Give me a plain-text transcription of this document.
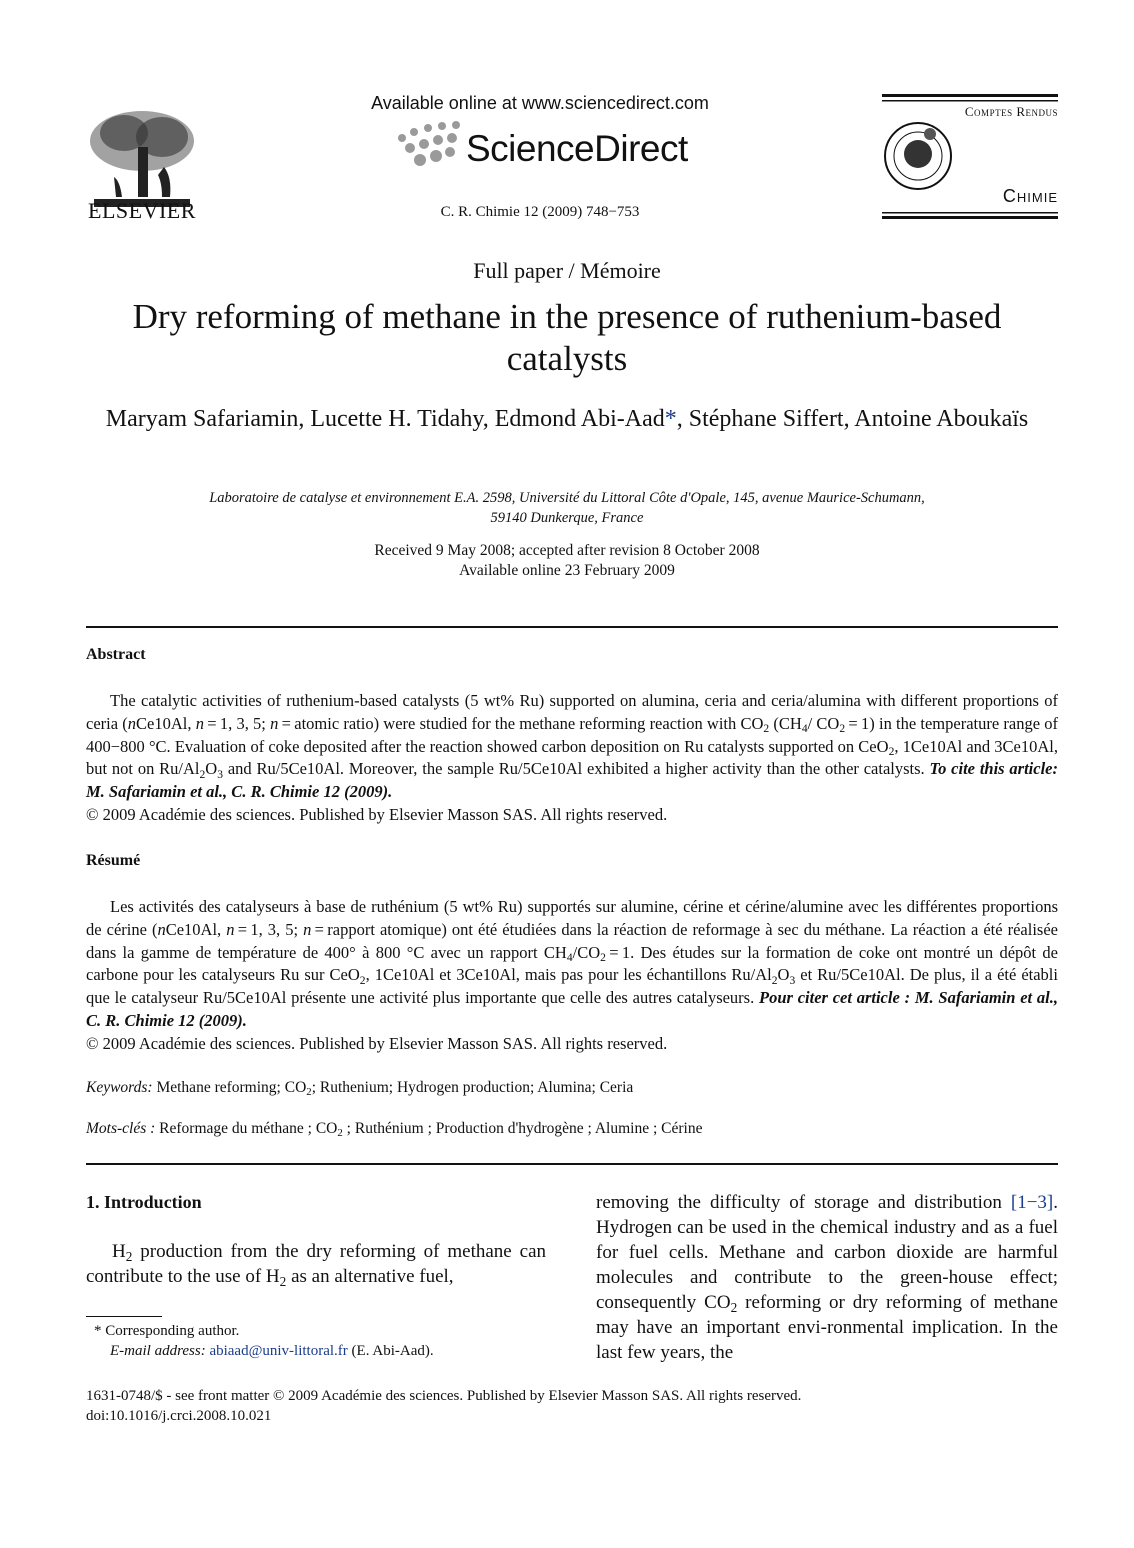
ELSEVIER
Available online at www.sciencedirect.com
ScienceDirect
C. R. Chimie 12 (2009) 748−753
Comptes Rendus
Chimie
Full paper / Mémoire
Dry reforming of methane in the presence of ruthenium-based catalysts
Maryam Safariamin, Lucette H. Tidahy, Edmond Abi-Aad*, Stéphane Siffert, Antoine Aboukaïs
Laboratoire de catalyse et environnement E.A. 2598, Université du Littoral Côte d'Opale, 145, avenue Maurice-Schumann,
59140 Dunkerque, France
Received 9 May 2008; accepted after revision 8 October 2008
Available online 23 February 2009
Abstract

The catalytic activities of ruthenium-based catalysts (5 wt% Ru) supported on alumina, ceria and ceria/alumina with different proportions of ceria (nCe10Al, n = 1, 3, 5; n = atomic ratio) were studied for the methane reforming reaction with $CO_2$ ($CH_4/$ $CO_2 = 1$) in the temperature range of 400−800 °C. Evaluation of coke deposited after the reaction showed carbon deposition on Ru catalysts supported on CeO$_2$, 1Ce10Al and 3Ce10Al, but not on $Ru/Al_2O_3$ and Ru/5Ce10Al. Moreover, the sample Ru/5Ce10Al exhibited a higher activity than the other catalysts. To cite this article: M. Safariamin et al., C. R. Chimie 12 (2009).

© 2009 Académie des sciences. Published by Elsevier Masson SAS. All rights reserved.
Résumé

Les activités des catalyseurs à base de ruthénium (5 wt% Ru) supportés sur alumine, cérine et cérine/alumine avec les différentes proportions de cérine (nCe10Al, n = 1, 3, 5; n = rapport atomique) ont été étudiées dans la réaction de reformage à sec du méthane. La réaction a été réalisée dans la gamme de température de 400° à 800 °C avec un rapport $CH_4/CO_2 = 1$. Des études sur la formation de coke ont montré un dépôt de carbone pour les catalyseurs Ru sur CeO$_2$, 1Ce10Al et 3Ce10Al, mais pas pour les échantillons $Ru/Al_2O_3$ et Ru/5Ce10Al. De plus, il a été établi que le catalyseur Ru/5Ce10Al présente une activité plus importante que celle des autres catalyseurs. Pour citer cet article : M. Safariamin et al., C. R. Chimie 12 (2009).

© 2009 Académie des sciences. Published by Elsevier Masson SAS. All rights reserved.
Keywords: Methane reforming; $CO_2$; Ruthenium; Hydrogen production; Alumina; Ceria
Mots-clés : Reformage du méthane ; $CO_2$ ; Ruthénium ; Production d'hydrogène ; Alumine ; Cérine
1. Introduction

$H_2$ production from the dry reforming of methane can contribute to the use of $H_2$ as an alternative fuel,

removing the difficulty of storage and distribution [1−3]. Hydrogen can be used in the chemical industry and as a fuel for fuel cells. Methane and carbon dioxide are harmful molecules and contribute to the green-house effect; consequently $CO_2$ reforming or dry reforming of methane may have an important envi-ronmental implication. In the last few years, the

* Corresponding author.
E-mail address: abiaad@univ-littoral.fr (E. Abi-Aad).
1631-0748/$ - see front matter © 2009 Académie des sciences. Published by Elsevier Masson SAS. All rights reserved.
doi:10.1016/j.crci.2008.10.021
